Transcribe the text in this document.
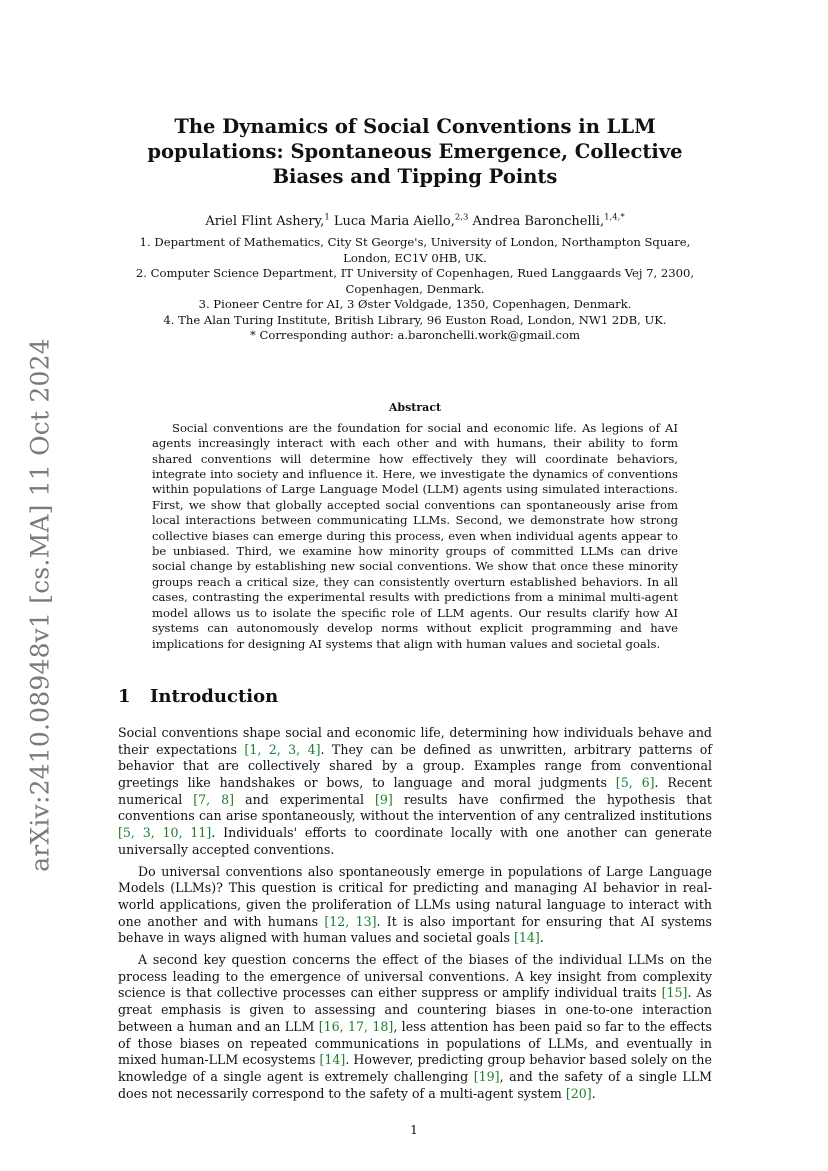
arXiv:2410.08948v1 [cs.MA] 11 Oct 2024
The Dynamics of Social Conventions in LLM populations: Spontaneous Emergence, Collective Biases and Tipping Points
Ariel Flint Ashery,$^1$ Luca Maria Aiello,$^{2,3}$ Andrea Baronchelli,$^{1,4,*}$
1. Department of Mathematics, City St George's, University of London, Northampton Square, London, EC1V 0HB, UK.
2. Computer Science Department, IT University of Copenhagen, Rued Langgaards Vej 7, 2300, Copenhagen, Denmark.
3. Pioneer Centre for AI, 3 Øster Voldgade, 1350, Copenhagen, Denmark.
4. The Alan Turing Institute, British Library, 96 Euston Road, London, NW1 2DB, UK.
* Corresponding author: a.baronchelli.work@gmail.com
Abstract

Social conventions are the foundation for social and economic life. As legions of AI agents increasingly interact with each other and with humans, their ability to form shared conventions will determine how effectively they will coordinate behaviors, integrate into society and influence it. Here, we investigate the dynamics of conventions within populations of Large Language Model (LLM) agents using simulated interactions. First, we show that globally accepted social conventions can spontaneously arise from local interactions between communicating LLMs. Second, we demonstrate how strong collective biases can emerge during this process, even when individual agents appear to be unbiased. Third, we examine how minority groups of committed LLMs can drive social change by establishing new social conventions. We show that once these minority groups reach a critical size, they can consistently overturn established behaviors. In all cases, contrasting the experimental results with predictions from a minimal multi-agent model allows us to isolate the specific role of LLM agents. Our results clarify how AI systems can autonomously develop norms without explicit programming and have implications for designing AI systems that align with human values and societal goals.

1 Introduction

Social conventions shape social and economic life, determining how individuals behave and their expectations [1, 2, 3, 4]. They can be defined as unwritten, arbitrary patterns of behavior that are collectively shared by a group. Examples range from conventional greetings like handshakes or bows, to language and moral judgments [5, 6]. Recent numerical [7, 8] and experimental [9] results have confirmed the hypothesis that conventions can arise spontaneously, without the intervention of any centralized institutions [5, 3, 10, 11]. Individuals' efforts to coordinate locally with one another can generate universally accepted conventions.

Do universal conventions also spontaneously emerge in populations of Large Language Models (LLMs)? This question is critical for predicting and managing AI behavior in real-world applications, given the proliferation of LLMs using natural language to interact with one another and with humans [12, 13]. It is also important for ensuring that AI systems behave in ways aligned with human values and societal goals [14].

A second key question concerns the effect of the biases of the individual LLMs on the process leading to the emergence of universal conventions. A key insight from complexity science is that collective processes can either suppress or amplify individual traits [15]. As great emphasis is given to assessing and countering biases in one-to-one interaction between a human and an LLM [16, 17, 18], less attention has been paid so far to the effects of those biases on repeated communications in populations of LLMs, and eventually in mixed human-LLM ecosystems [14]. However, predicting group behavior based solely on the knowledge of a single agent is extremely challenging [19], and the safety of a single LLM does not necessarily correspond to the safety of a multi-agent system [20].

1
